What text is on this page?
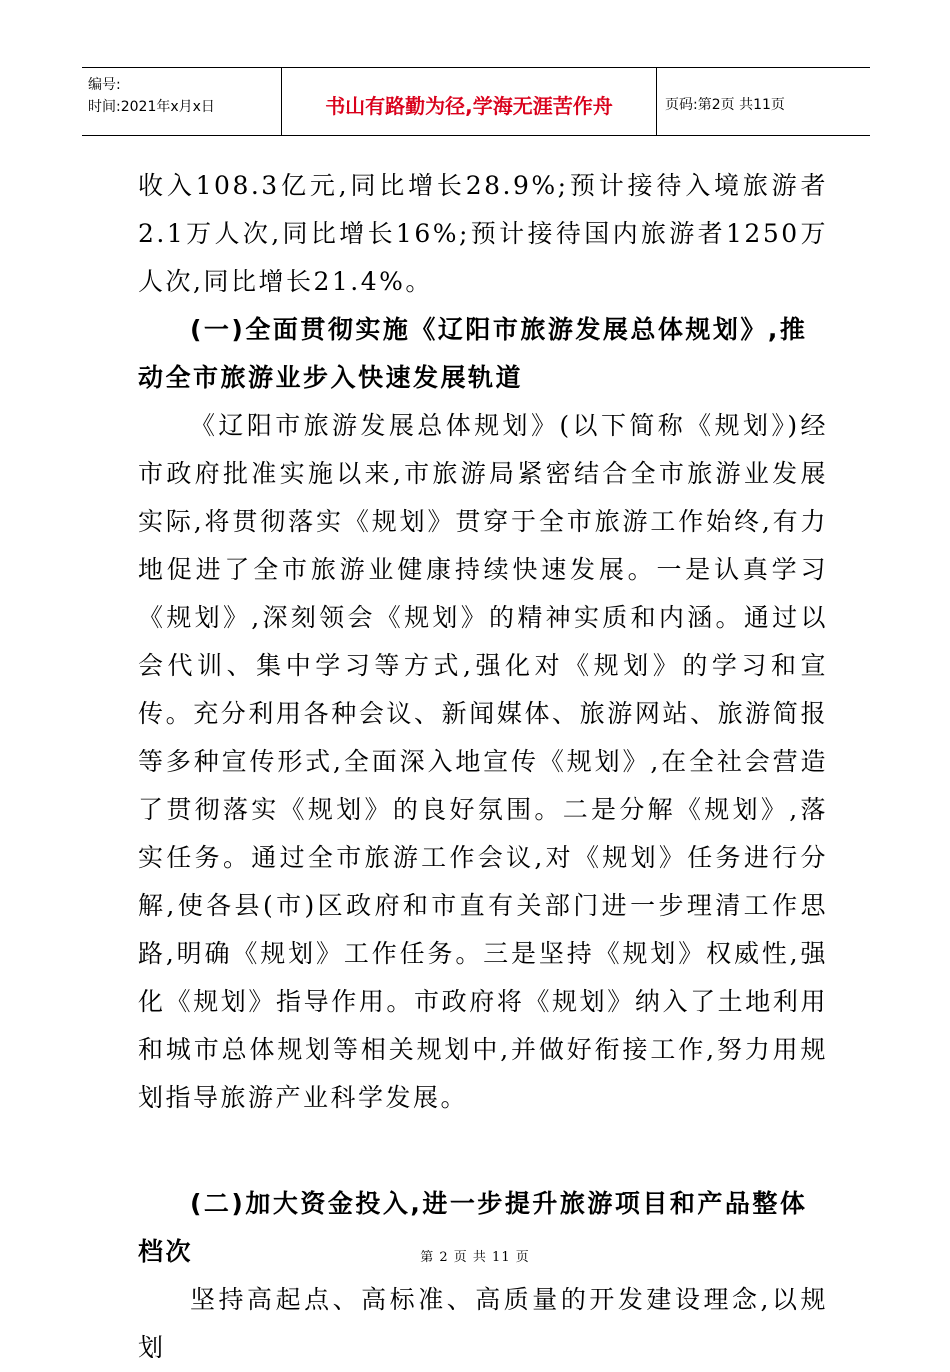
编号:
时间:2021年x月x日	书山有路勤为径,学海无涯苦作舟	页码:第2页 共11页

收入108.3亿元,同比增长28.9%;预计接待入境旅游者2.1万人次,同比增长16%;预计接待国内旅游者1250万人次,同比增长21.4%。

(一)全面贯彻实施《辽阳市旅游发展总体规划》,推动全市旅游业步入快速发展轨道

《辽阳市旅游发展总体规划》(以下简称《规划》)经市政府批准实施以来,市旅游局紧密结合全市旅游业发展实际,将贯彻落实《规划》贯穿于全市旅游工作始终,有力地促进了全市旅游业健康持续快速发展。一是认真学习《规划》,深刻领会《规划》的精神实质和内涵。通过以会代训、集中学习等方式,强化对《规划》的学习和宣传。充分利用各种会议、新闻媒体、旅游网站、旅游简报等多种宣传形式,全面深入地宣传《规划》,在全社会营造了贯彻落实《规划》的良好氛围。二是分解《规划》,落实任务。通过全市旅游工作会议,对《规划》任务进行分解,使各县(市)区政府和市直有关部门进一步理清工作思路,明确《规划》工作任务。三是坚持《规划》权威性,强化《规划》指导作用。市政府将《规划》纳入了土地利用和城市总体规划等相关规划中,并做好衔接工作,努力用规划指导旅游产业科学发展。

(二)加大资金投入,进一步提升旅游项目和产品整体档次

坚持高起点、高标准、高质量的开发建设理念,以规划

第 2 页 共 11 页
